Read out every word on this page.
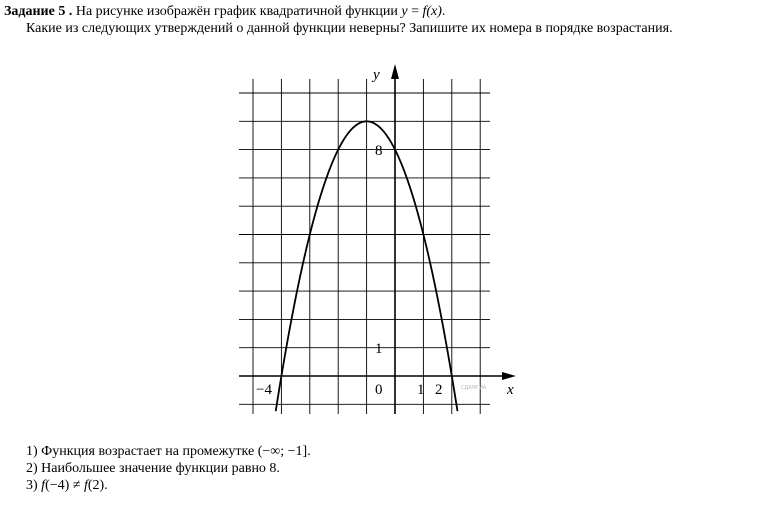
Задание 5 . На рисунке изображён график квадратичной функции y = f(x).
Какие из следующих утверждений о данной функции неверны? Запишите их номера в порядке возрастания.
y
x
8
1
−4	0 1 2	СДАМГИА
1) Функция возрастает на промежутке (−∞; −1].
2) Наибольшее значение функции равно 8.
3) f(−4) ≠ f(2).
